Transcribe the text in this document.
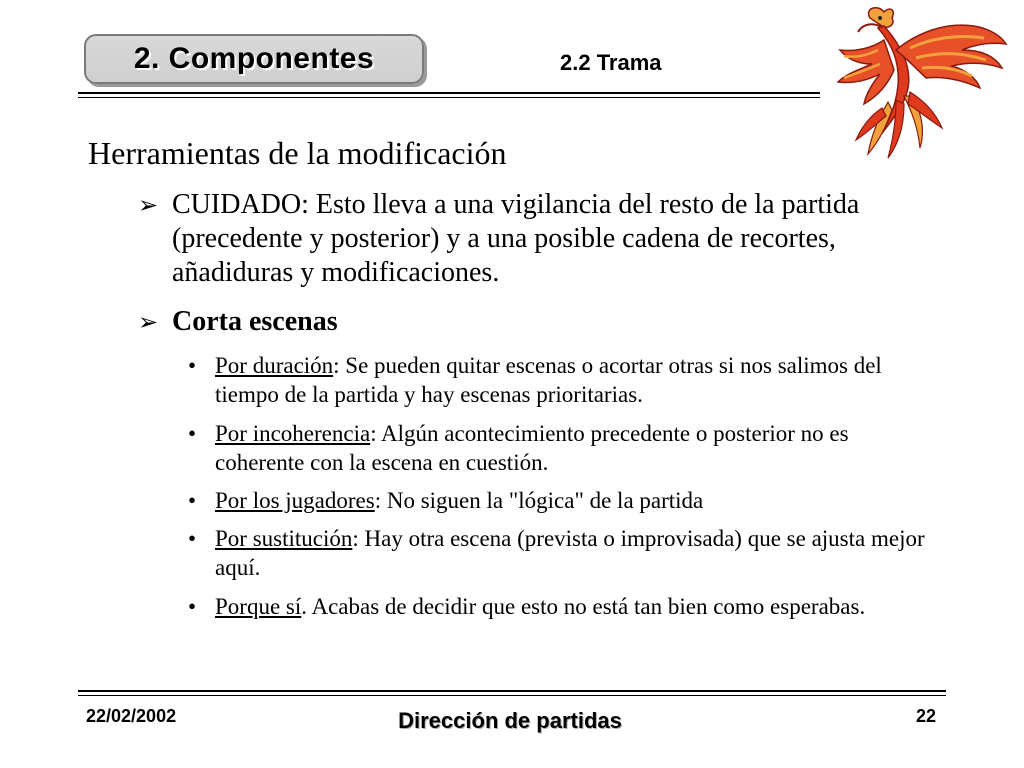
2. Componentes	2.2 Trama
Herramientas de la modificación
➢ CUIDADO: Esto lleva a una vigilancia del resto de la partida (precedente y posterior) y a una posible cadena de recortes, añadiduras y modificaciones.
➢ Corta escenas
• Por duración: Se pueden quitar escenas o acortar otras si nos salimos del tiempo de la partida y hay escenas prioritarias.
• Por incoherencia: Algún acontecimiento precedente o posterior no es coherente con la escena en cuestión.
• Por los jugadores: No siguen la "lógica" de la partida
• Por sustitución: Hay otra escena (prevista o improvisada) que se ajusta mejor aquí.
• Porque sí. Acabas de decidir que esto no está tan bien como esperabas.
22/02/2002	Dirección de partidas	22
